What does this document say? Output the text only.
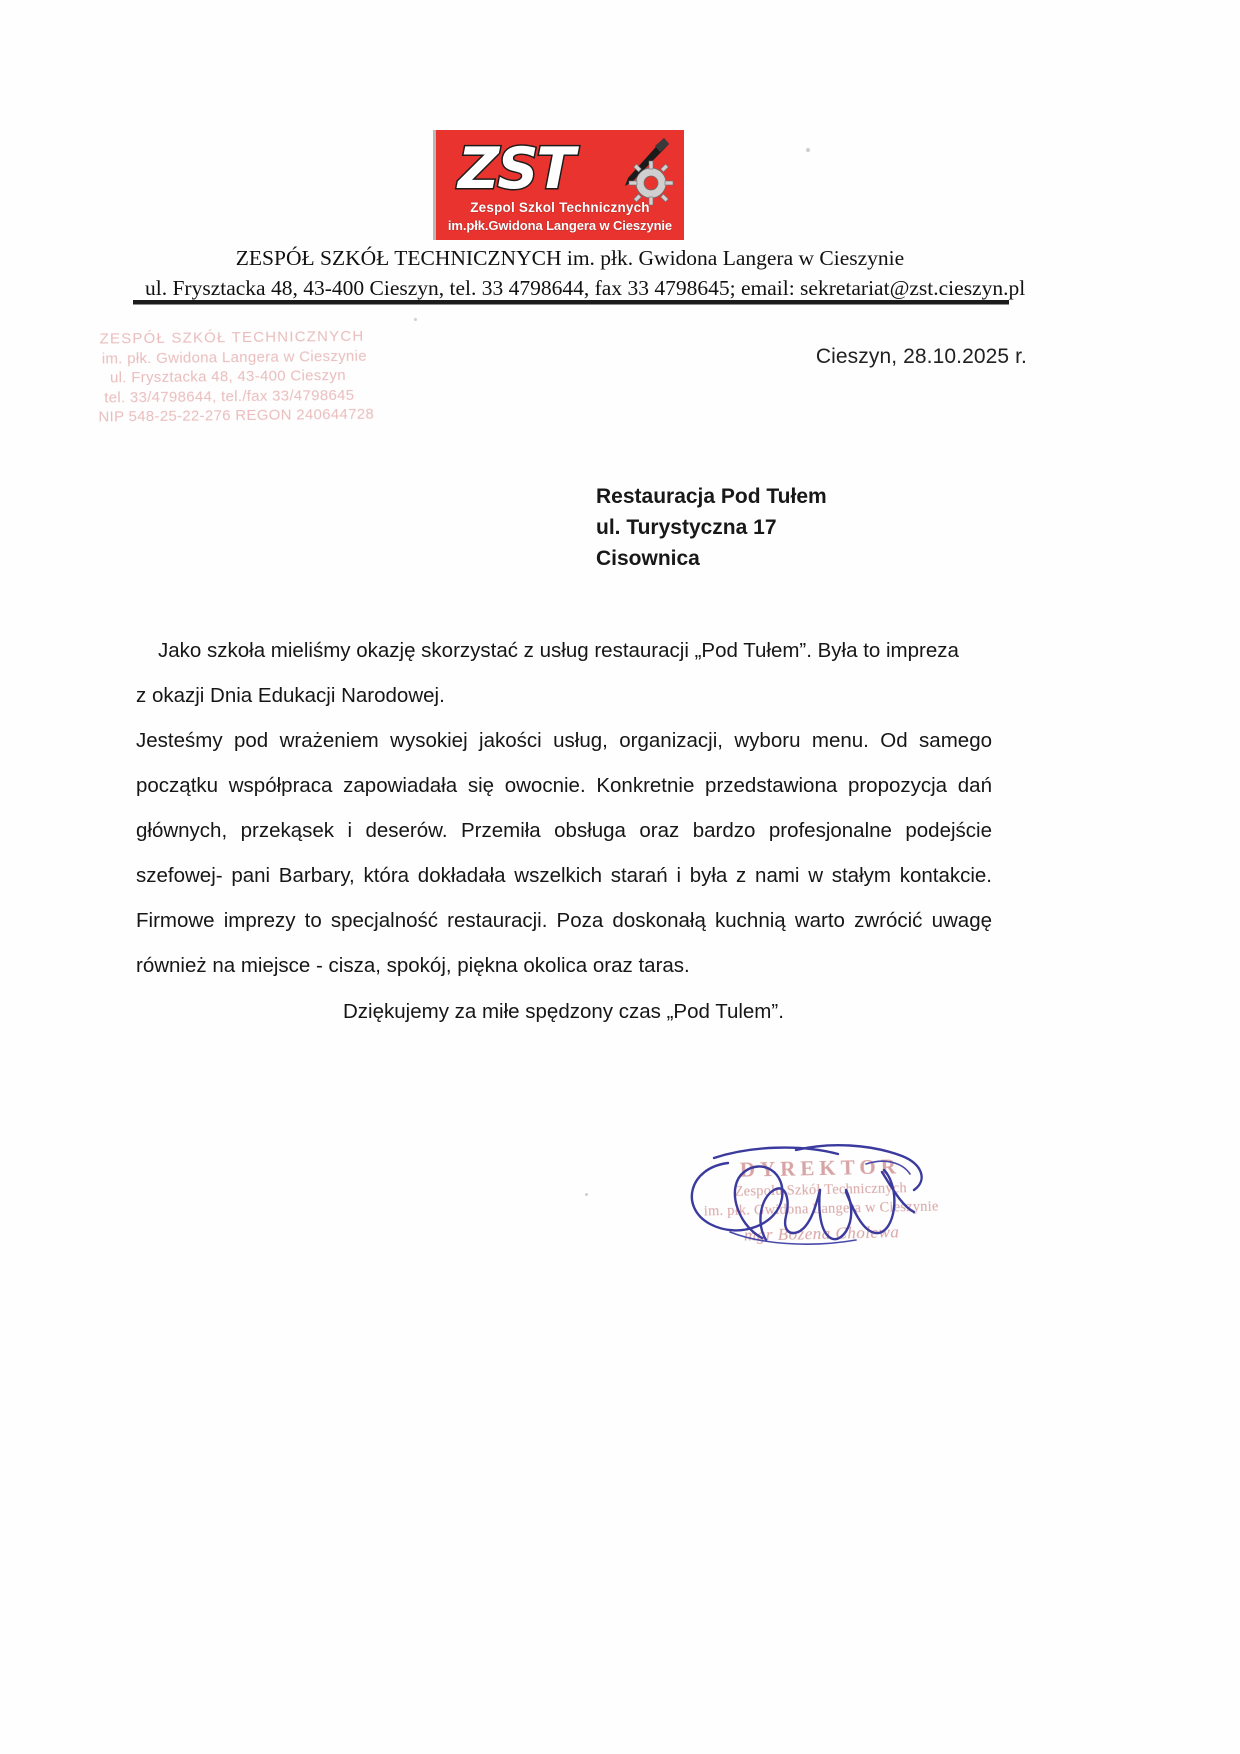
ZST
Zespol Szkol Technicznych
im.płk.Gwidona Langera w Cieszynie
ZESPÓŁ SZKÓŁ TECHNICZNYCH im. płk. Gwidona Langera w Cieszynie
ul. Frysztacka 48, 43-400 Cieszyn, tel. 33 4798644, fax 33 4798645; email: sekretariat@zst.cieszyn.pl
ZESPÓŁ SZKÓŁ TECHNICZNYCH
im. płk. Gwidona Langera w Cieszynie
ul. Frysztacka 48, 43-400 Cieszyn
tel. 33/4798644, tel./fax 33/4798645
NIP 548-25-22-276 REGON 240644728
Cieszyn, 28.10.2025 r.
Restauracja Pod Tułem
ul. Turystyczna 17
Cisownica

Jako szkoła mieliśmy okazję skorzystać z usług restauracji „Pod Tułem”. Była to impreza

z okazji Dnia Edukacji Narodowej.

Jesteśmy pod wrażeniem wysokiej jakości usług, organizacji, wyboru menu. Od samego początku współpraca zapowiadała się owocnie. Konkretnie przedstawiona propozycja dań głównych, przekąsek i deserów. Przemiła obsługa oraz bardzo profesjonalne podejście szefowej- pani Barbary, która dokładała wszelkich starań i była z nami w stałym kontakcie. Firmowe imprezy to specjalność restauracji. Poza doskonałą kuchnią warto zwrócić uwagę również na miejsce - cisza, spokój, piękna okolica oraz taras.

Dziękujemy za miłe spędzony czas „Pod Tulem”.
DYREKTOR
Zespołu Szkół Technicznych
im. płk. Gwidona Langera w Cieszynie
mgr Bożena Cholewa
